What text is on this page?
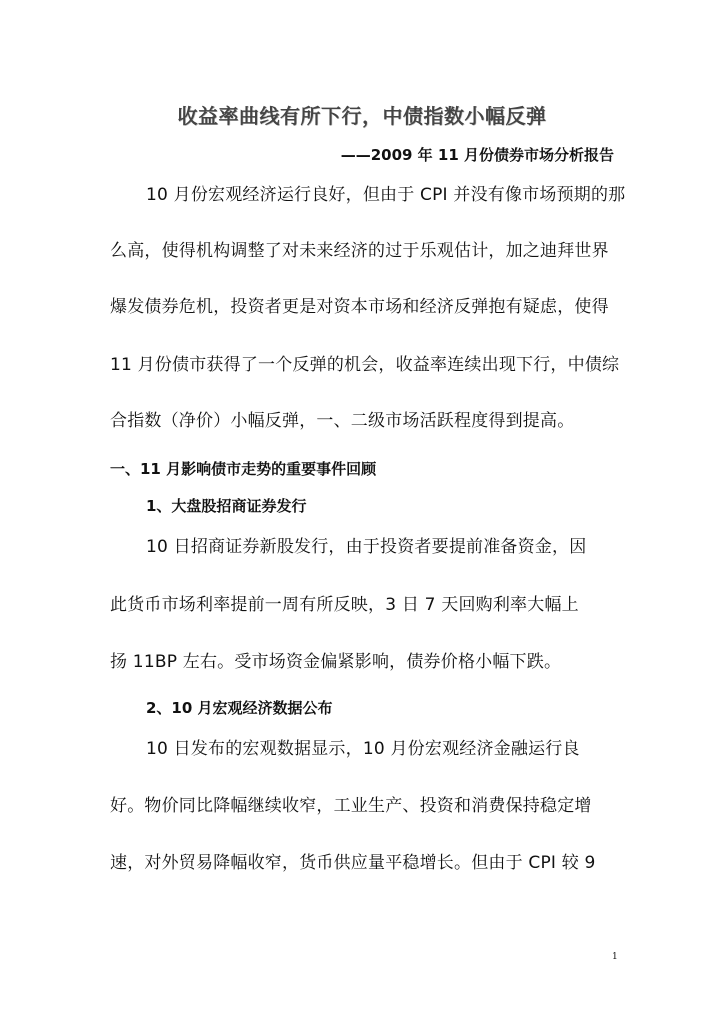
收益率曲线有所下行，中债指数小幅反弹
——2009 年 11 月份债券市场分析报告
10 月份宏观经济运行良好，但由于 CPI 并没有像市场预期的那
么高，使得机构调整了对未来经济的过于乐观估计，加之迪拜世界
爆发债券危机，投资者更是对资本市场和经济反弹抱有疑虑，使得
11 月份债市获得了一个反弹的机会，收益率连续出现下行，中债综
合指数（净价）小幅反弹，一、二级市场活跃程度得到提高。
一、11 月影响债市走势的重要事件回顾
1、大盘股招商证券发行
10 日招商证券新股发行，由于投资者要提前准备资金，因
此货币市场利率提前一周有所反映，3 日 7 天回购利率大幅上
扬 11BP 左右。受市场资金偏紧影响，债券价格小幅下跌。
2、10 月宏观经济数据公布
10 日发布的宏观数据显示，10 月份宏观经济金融运行良
好。物价同比降幅继续收窄，工业生产、投资和消费保持稳定增
速，对外贸易降幅收窄，货币供应量平稳增长。但由于 CPI 较 9
1
